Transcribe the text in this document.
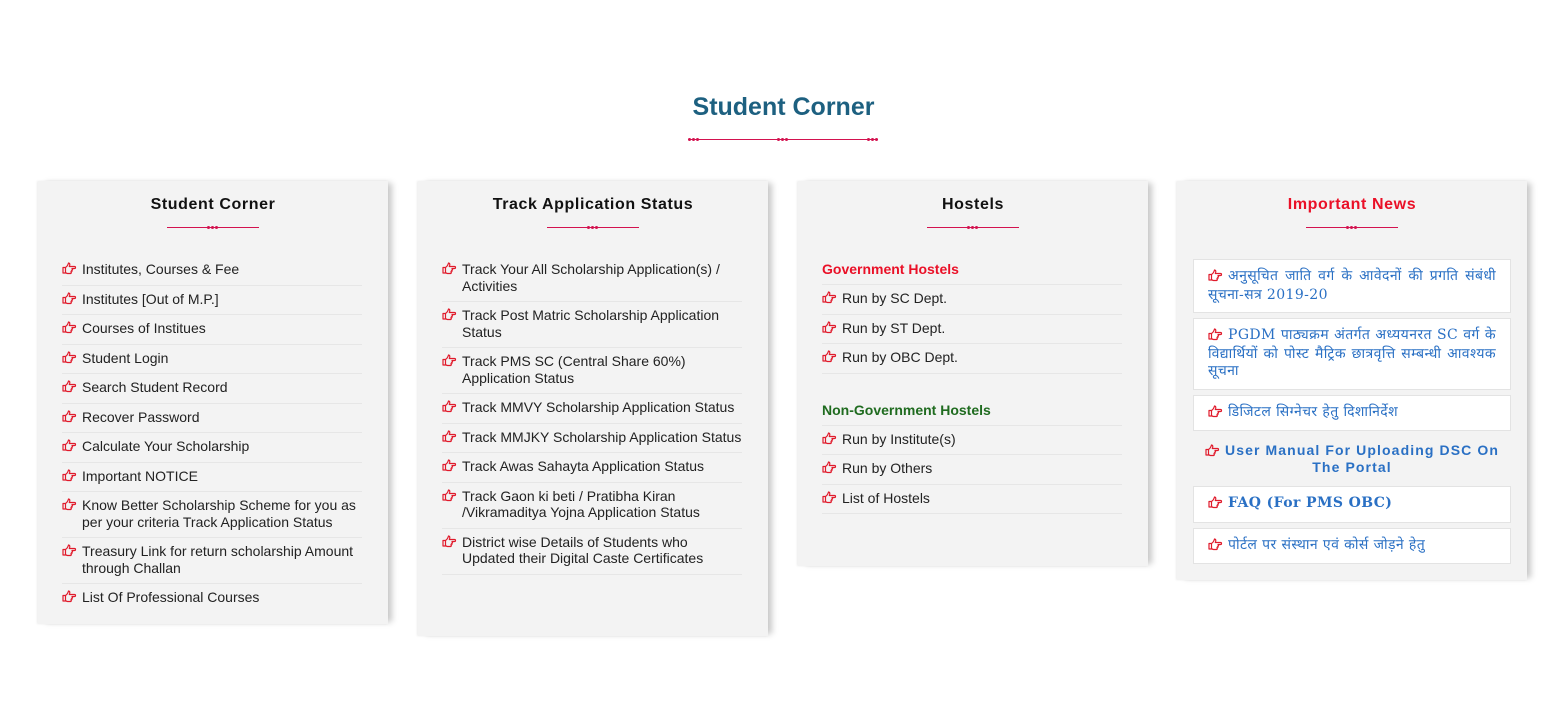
Student Corner
Student Corner
Institutes, Courses & Fee
Institutes [Out of M.P.]
Courses of Institues
Student Login
Search Student Record
Recover Password
Calculate Your Scholarship
Important NOTICE
Know Better Scholarship Scheme for you as per your criteria Track Application Status
Treasury Link for return scholarship Amount through Challan
List Of Professional Courses
Track Application Status
Track Your All Scholarship Application(s) / Activities
Track Post Matric Scholarship Application Status
Track PMS SC (Central Share 60%) Application Status
Track MMVY Scholarship Application Status
Track MMJKY Scholarship Application Status
Track Awas Sahayta Application Status
Track Gaon ki beti / Pratibha Kiran /Vikramaditya Yojna Application Status
District wise Details of Students who Updated their Digital Caste Certificates
Hostels
Government Hostels
Run by SC Dept.
Run by ST Dept.
Run by OBC Dept.
Non-Government Hostels
Run by Institute(s)
Run by Others
List of Hostels
Important News
अनुसूचित जाति वर्ग के आवेदनों की प्रगति संबंधी सूचना-सत्र 2019-20
PGDM पाठ्यक्रम अंतर्गत अध्ययनरत SC वर्ग के विद्यार्थियों को पोस्ट मैट्रिक छात्रवृत्ति सम्बन्धी आवश्यक सूचना
डिजिटल सिग्नेचर हेतु दिशानिर्देश
User Manual For Uploading DSC On The Portal
FAQ (For PMS OBC)
पोर्टल पर संस्थान एवं कोर्स जोड़ने हेतु
